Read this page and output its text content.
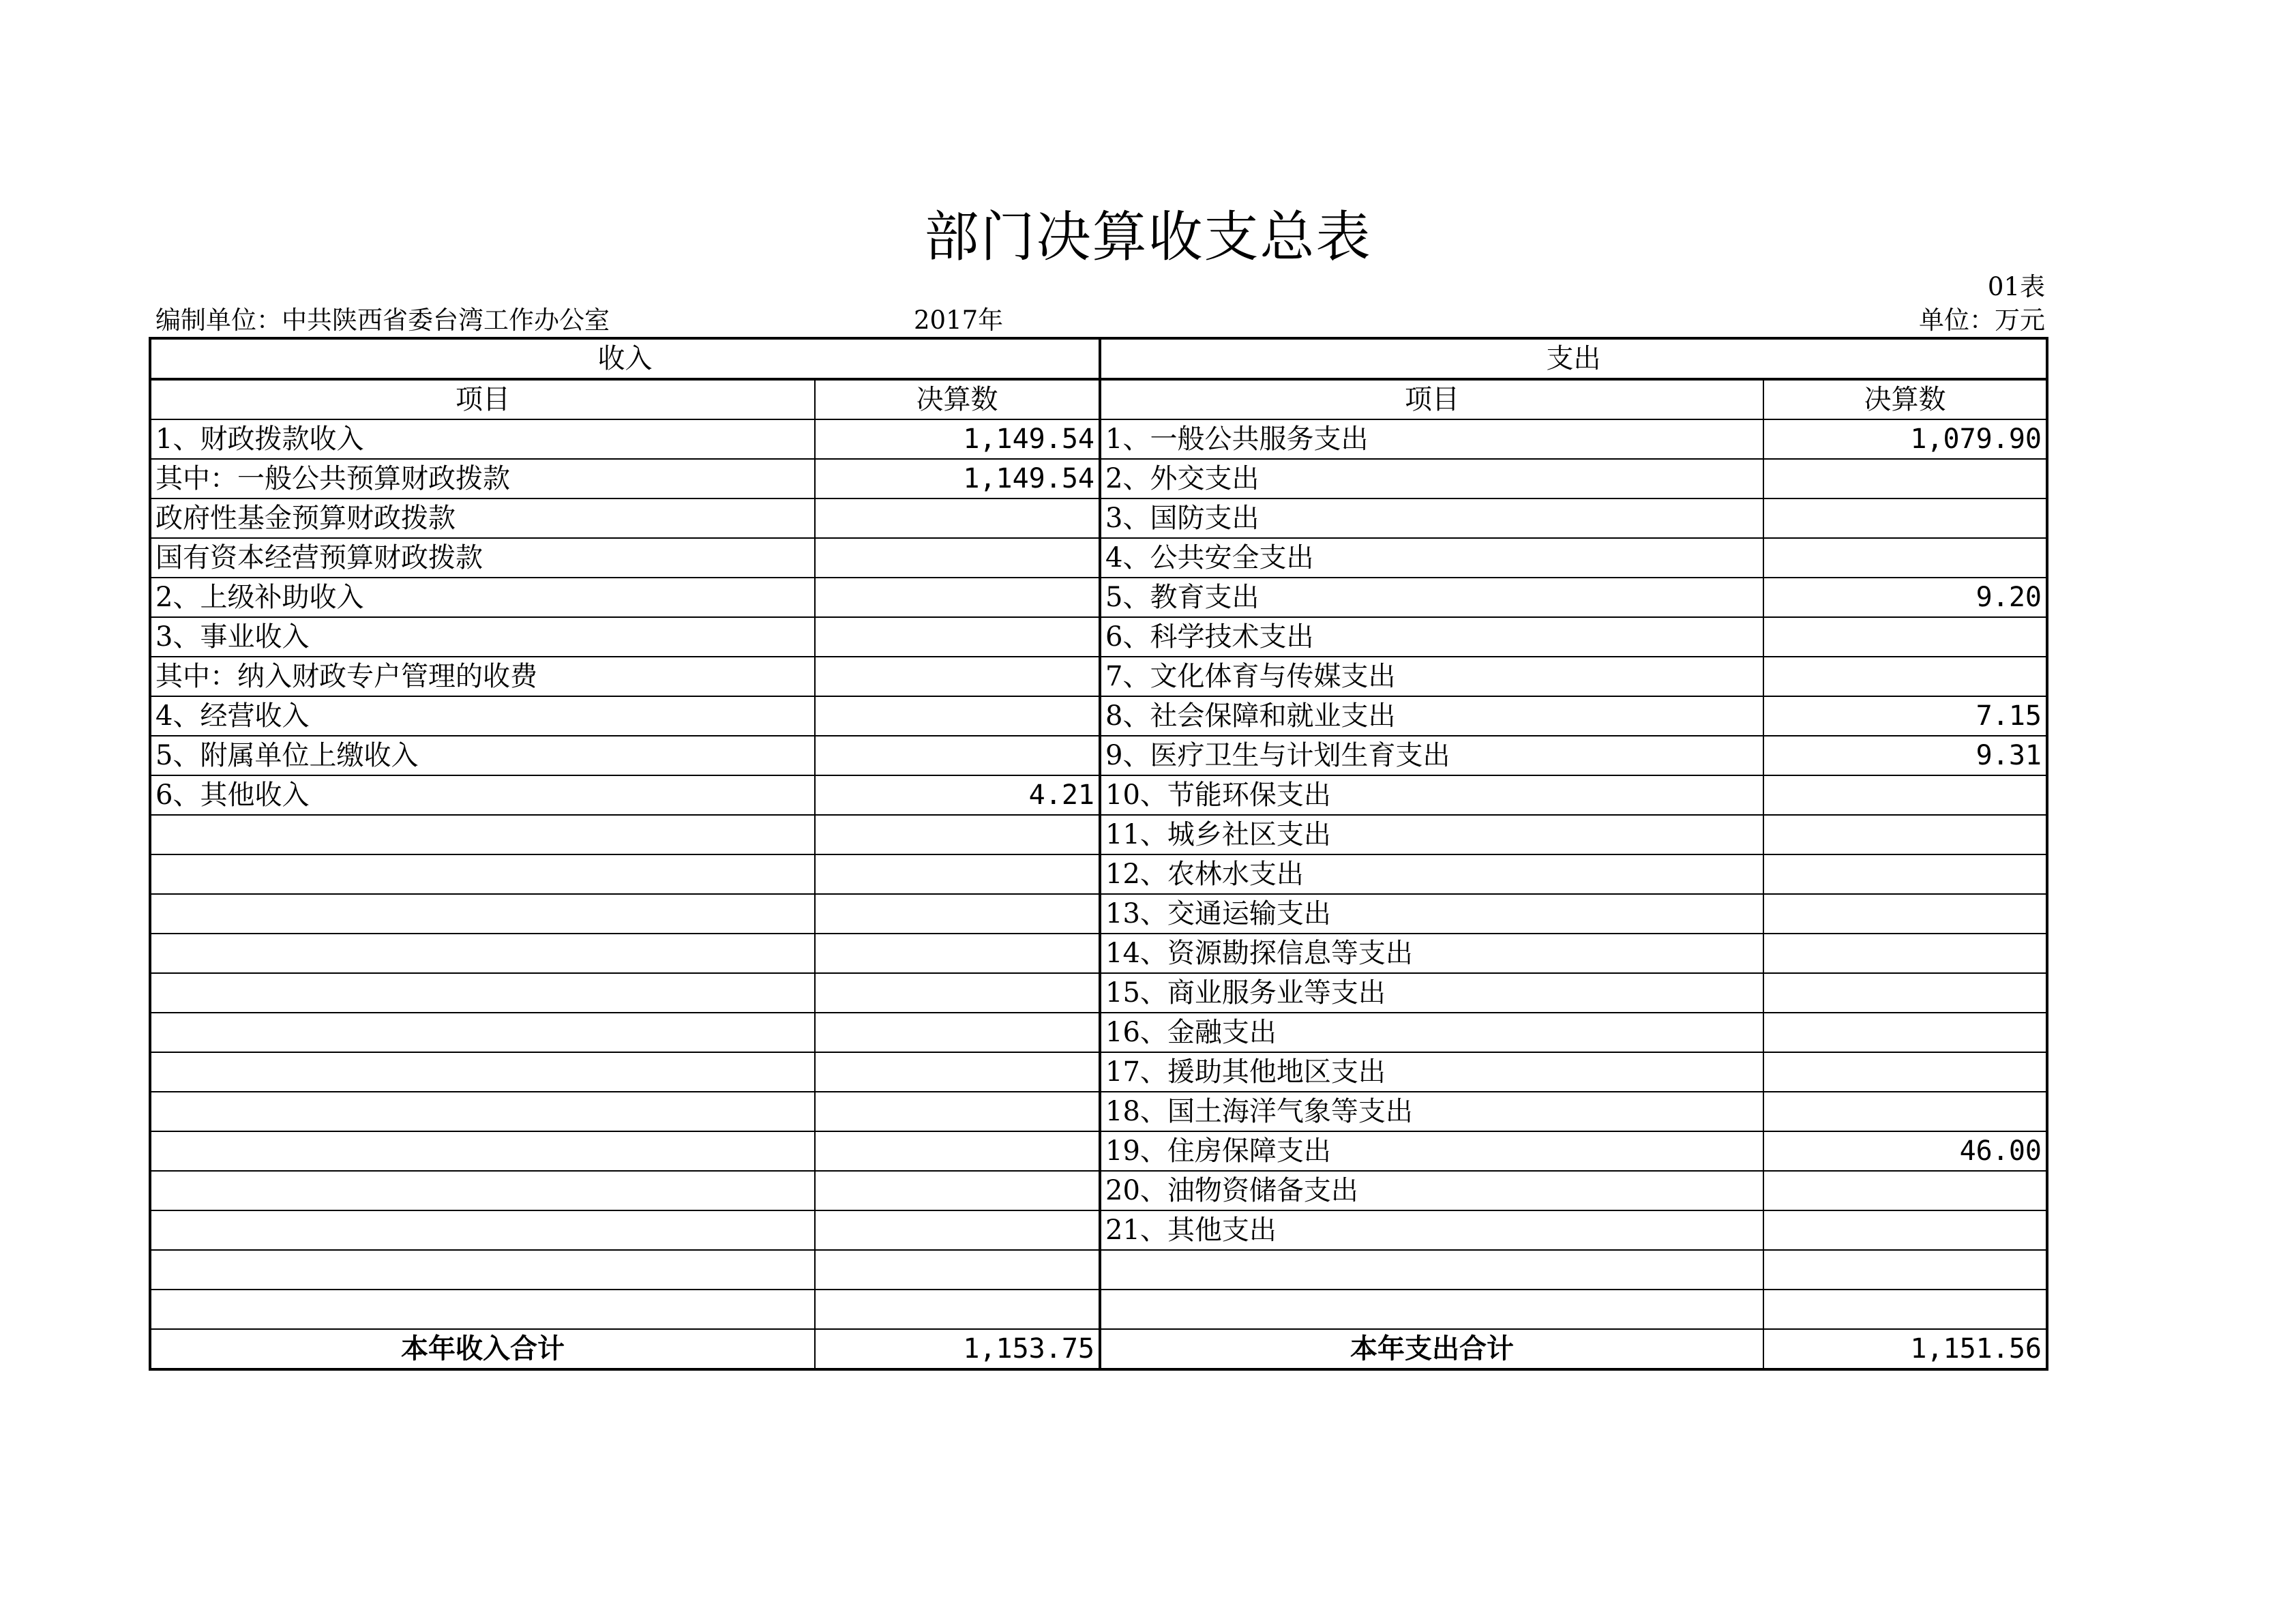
部门决算收支总表
01表
编制单位：中共陕西省委台湾工作办公室	2017年	单位：万元
收入		支出	
项目	决算数	项目	决算数
1、财政拨款收入	1,149.54	1、一般公共服务支出	1,079.90
其中：一般公共预算财政拨款	1,149.54	2、外交支出	
政府性基金预算财政拨款		3、国防支出	
国有资本经营预算财政拨款		4、公共安全支出	
2、上级补助收入		5、教育支出	9.20
3、事业收入		6、科学技术支出	
其中：纳入财政专户管理的收费		7、文化体育与传媒支出	
4、经营收入		8、社会保障和就业支出	7.15
5、附属单位上缴收入		9、医疗卫生与计划生育支出	9.31
6、其他收入	4.21	10、节能环保支出	
		11、城乡社区支出	
		12、农林水支出	
		13、交通运输支出	
		14、资源勘探信息等支出	
		15、商业服务业等支出	
		16、金融支出	
		17、援助其他地区支出	
		18、国土海洋气象等支出	
		19、住房保障支出	46.00
		20、油物资储备支出	
		21、其他支出	

本年收入合计	1,153.75	本年支出合计	1,151.56
